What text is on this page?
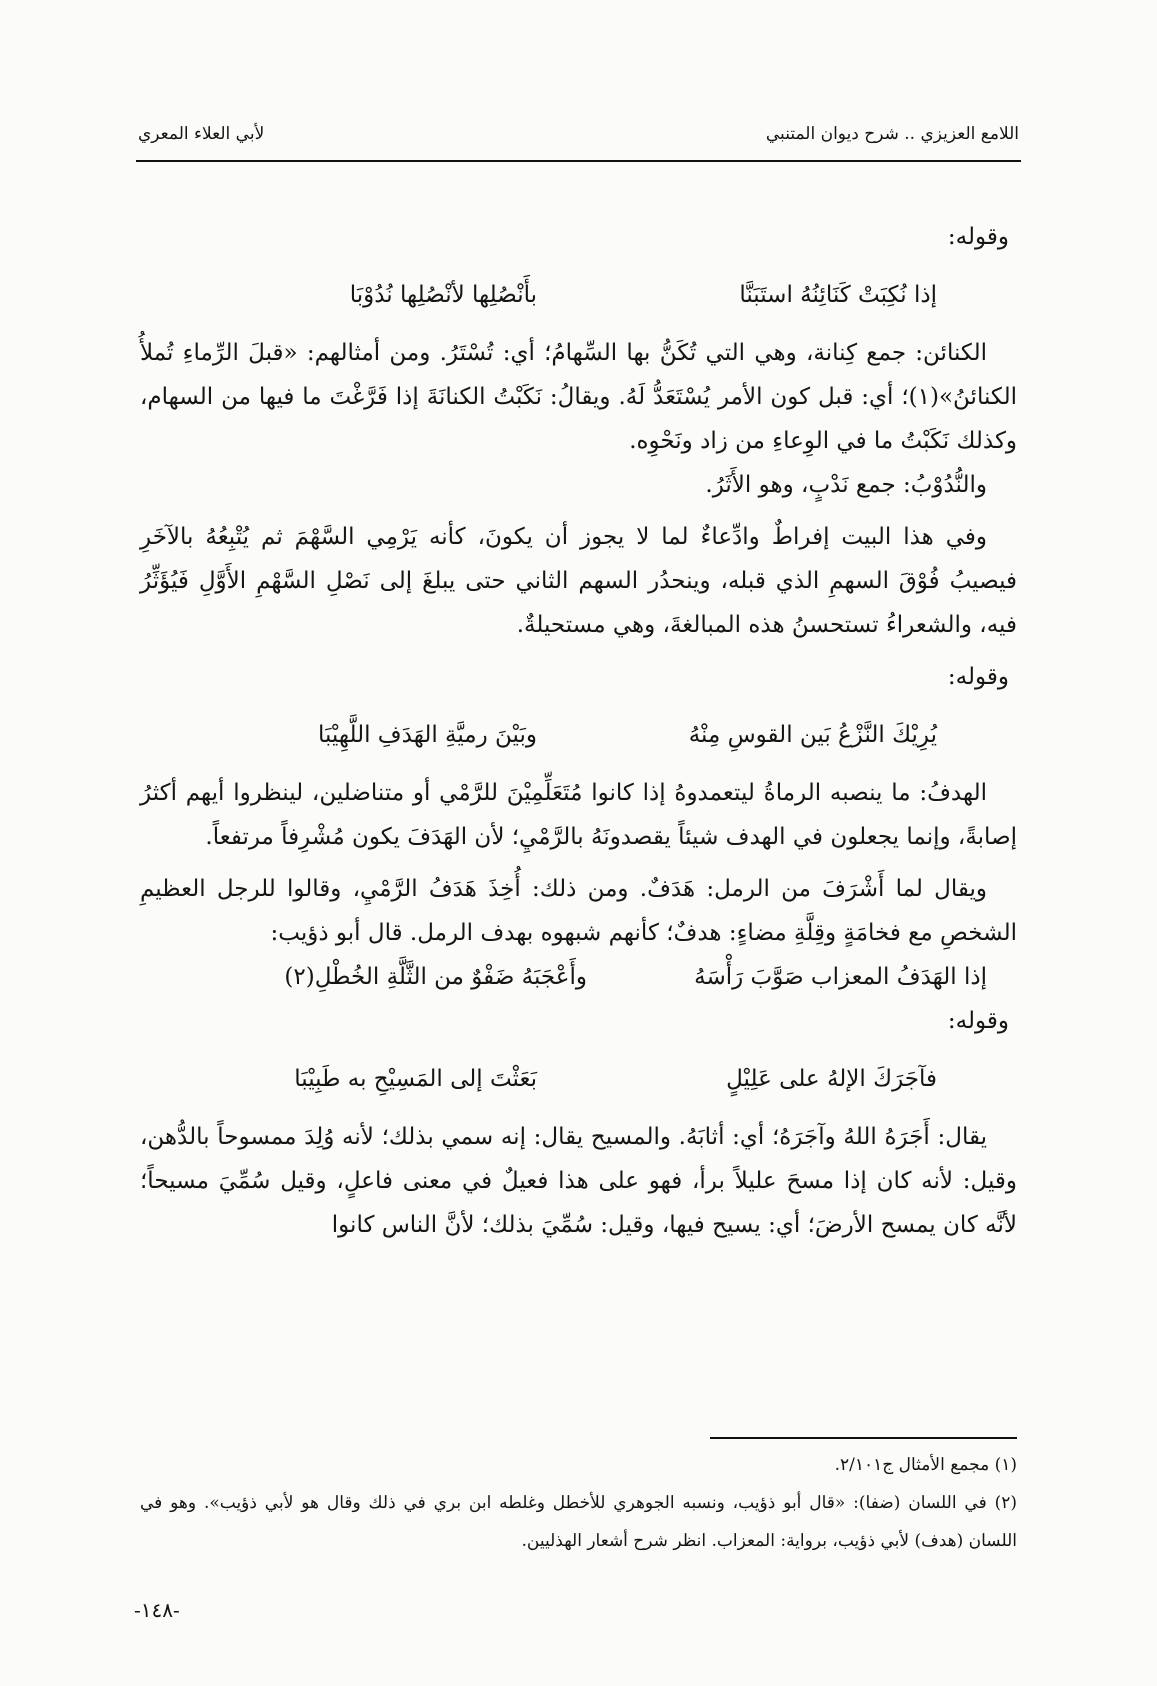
اللامع العزيزي .. شرح ديوان المتنبي
لأبي العلاء المعري

وقوله:

إذا نُكِبَتْ كَنَائِنُهُ استَبَنَّا
بأَنْصُلِها لأنْصُلِها نُدُوْبَا

الكنائن: جمع كِنانة، وهي التي تُكَنُّ بها السِّهامُ؛ أي: تُسْتَرُ. ومن أمثالهم: «قبلَ الرِّماءِ تُملأُ الكنائنُ»(١)؛ أي: قبل كون الأمر يُسْتَعَدُّ لَهُ. ويقالُ: نَكَبْتُ الكنانَةَ إذا فَرَّغْتَ ما فيها من السهام، وكذلك نَكَبْتُ ما في الوِعاءِ من زاد ونَحْوِه.

والنُّدُوْبُ: جمع نَدْبٍ، وهو الأَثَرُ.

وفي هذا البيت إفراطٌ وادِّعاءٌ لما لا يجوز أن يكونَ، كأنه يَرْمِي السَّهْمَ ثم يُتْبِعُهُ بالآخَرِ فيصيبُ فُوْقَ السهمِ الذي قبله، وينحدُر السهم الثاني حتى يبلغَ إلى نَصْلِ السَّهْمِ الأَوَّلِ فَيُؤَثِّرُ فيه، والشعراءُ تستحسنُ هذه المبالغةَ، وهي مستحيلةٌ.

وقوله:

يُرِيْكَ النَّزْعُ بَين القوسِ مِنْهُ
وبَيْنَ رميَّةِ الهَدَفِ اللَّهِيْبَا

الهدفُ: ما ينصبه الرماةُ ليتعمدوهُ إذا كانوا مُتَعَلِّمِيْنَ للرَّمْي أو متناضلين، لينظروا أيهم أكثرُ إصابةً، وإنما يجعلون في الهدف شيئاً يقصدونَهُ بالرَّمْيِ؛ لأن الهَدَفَ يكون مُشْرِفاً مرتفعاً.

ويقال لما أَشْرَفَ من الرمل: هَدَفٌ. ومن ذلك: أُخِذَ هَدَفُ الرَّمْيِ، وقالوا للرجل العظيمِ الشخصِ مع فخامَةٍ وقِلَّةِ مضاءٍ: هدفٌ؛ كأنهم شبهوه بهدف الرمل. قال أبو ذؤيب:

إذا الهَدَفُ المعزاب صَوَّبَ رَأْسَهُ
وأَعْجَبَهُ ضَفْوٌ من الثَّلَّةِ الخُطْلِ(٢)

وقوله:

فآجَرَكَ الإلهُ على عَلِيْلٍ
بَعَثْتَ إلى المَسِيْحِ به طَبِيْبَا

يقال: أَجَرَهُ اللهُ وآجَرَهُ؛ أي: أثابَهُ. والمسيح يقال: إنه سمي بذلك؛ لأنه وُلِدَ ممسوحاً بالدُّهن، وقيل: لأنه كان إذا مسحَ عليلاً برأ، فهو على هذا فعيلٌ في معنى فاعلٍ، وقيل سُمِّيَ مسيحاً؛ لأنَّه كان يمسح الأرضَ؛ أي: يسيح فيها، وقيل: سُمِّيَ بذلك؛ لأنَّ الناس كانوا

(١) مجمع الأمثال ج٢/١٠١.

(٢) في اللسان (ضفا): «قال أبو ذؤيب، ونسبه الجوهري للأخطل وغلطه ابن بري في ذلك وقال هو لأبي ذؤيب». وهو في اللسان (هدف) لأبي ذؤيب، برواية: المعزاب. انظر شرح أشعار الهذليين.

-١٤٨-
